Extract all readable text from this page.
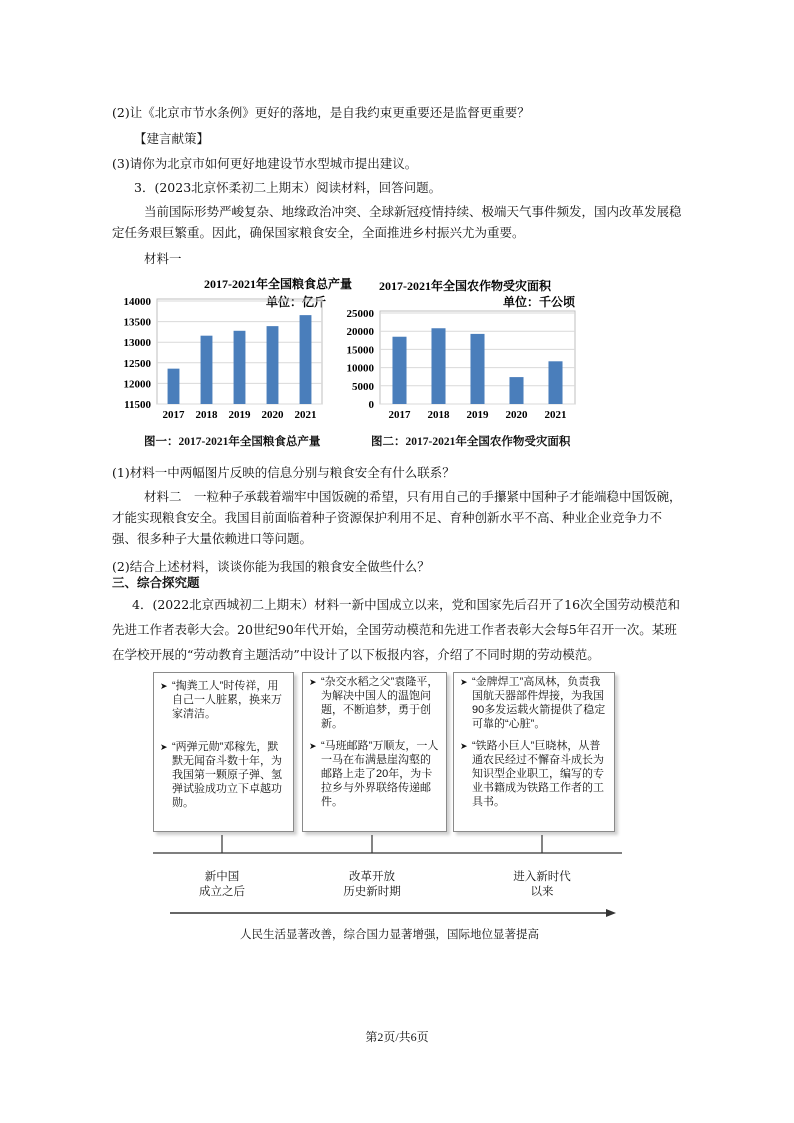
(2)让《北京市节水条例》更好的落地，是自我约束更重要还是监督更重要？
【建言献策】
(3)请你为北京市如何更好地建设节水型城市提出建议。
3．(2023北京怀柔初二上期末）阅读材料，回答问题。
当前国际形势严峻复杂、地缘政治冲突、全球新冠疫情持续、极端天气事件频发，国内改革发展稳定任务艰巨繁重。因此，确保国家粮食安全，全面推进乡村振兴尤为重要。
材料一
2017-2021年全国粮食总产量
单位：亿斤
14000
13500
13000
12500
12000
11500
2017 2018 2019 2020 2021
2017-2021年全国农作物受灾面积
单位：千公顷
25000
20000
15000
10000
5000
0
2017 2018 2019 2020 2021
图一：2017-2021年全国粮食总产量	图二：2017-2021年全国农作物受灾面积
(1)材料一中两幅图片反映的信息分别与粮食安全有什么联系？
材料二　一粒种子承载着端牢中国饭碗的希望，只有用自己的手攥紧中国种子才能端稳中国饭碗，才能实现粮食安全。我国目前面临着种子资源保护利用不足、育种创新水平不高、种业企业竞争力不强、很多种子大量依赖进口等问题。
(2)结合上述材料，谈谈你能为我国的粮食安全做些什么？
三、综合探究题
4．(2022北京西城初二上期末）材料一新中国成立以来，党和国家先后召开了16次全国劳动模范和先进工作者表彰大会。20世纪90年代开始，全国劳动模范和先进工作者表彰大会每5年召开一次。某班在学校开展的“劳动教育主题活动”中设计了以下板报内容，介绍了不同时期的劳动模范。
➤ “掏粪工人”时传祥，用自己一人脏累，换来万家清洁。
➤ “两弹元勋”邓稼先，默默无闻奋斗数十年，为我国第一颗原子弹、氢弹试验成功立下卓越功勋。
➤ “杂交水稻之父”袁隆平，为解决中国人的温饱问题，不断追梦，勇于创新。
➤ “马班邮路”万顺友，一人一马在布满悬崖沟壑的邮路上走了20年，为卡拉乡与外界联络传递邮件。
➤ “金牌焊工”高凤林，负责我国航天器部件焊接，为我国90多发运载火箭提供了稳定可靠的“心脏”。
➤ “铁路小巨人”巨晓林，从普通农民经过不懈奋斗成长为知识型企业职工，编写的专业书籍成为铁路工作者的工具书。
新中国
成立之后
改革开放
历史新时期
进入新时代
以来
人民生活显著改善，综合国力显著增强，国际地位显著提高
第2页/共6页
